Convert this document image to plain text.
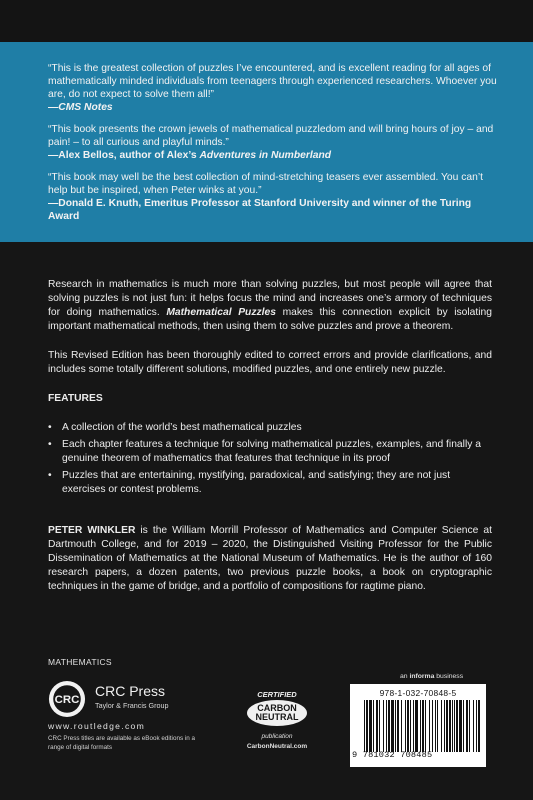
“This is the greatest collection of puzzles I’ve encountered, and is excellent reading for all ages of mathematically minded individuals from teenagers through experienced researchers. Whoever you are, do not expect to solve them all!”

—CMS Notes

“This book presents the crown jewels of mathematical puzzledom and will bring hours of joy – and pain! – to all curious and playful minds.”

—Alex Bellos, author of Alex’s Adventures in Numberland

“This book may well be the best collection of mind-stretching teasers ever assembled. You can’t help but be inspired, when Peter winks at you.”

—Donald E. Knuth, Emeritus Professor at Stanford University and winner of the Turing Award

Research in mathematics is much more than solving puzzles, but most people will agree that solving puzzles is not just fun: it helps focus the mind and increases one’s armory of techniques for doing mathematics. Mathematical Puzzles makes this connection explicit by isolating important mathematical methods, then using them to solve puzzles and prove a theorem.

This Revised Edition has been thoroughly edited to correct errors and provide clarifications, and includes some totally different solutions, modified puzzles, and one entirely new puzzle.

FEATURES

• A collection of the world’s best mathematical puzzles
• Each chapter features a technique for solving mathematical puzzles, examples, and finally a genuine theorem of mathematics that features that technique in its proof
• Puzzles that are entertaining, mystifying, paradoxical, and satisfying; they are not just exercises or contest problems.

PETER WINKLER is the William Morrill Professor of Mathematics and Computer Science at Dartmouth College, and for 2019 – 2020, the Distinguished Visiting Professor for the Public Dissemination of Mathematics at the National Museum of Mathematics. He is the author of 160 research papers, a dozen patents, two previous puzzle books, a book on cryptographic techniques in the game of bridge, and a portfolio of compositions for ragtime piano.

MATHEMATICS
CRC
CRC Press
Taylor & Francis Group
www.routledge.com
CRC Press titles are available as eBook editions in a range of digital formats
CERTIFIED
CARBON
NEUTRAL
publication
CarbonNeutral.com
an informa business
978-1-032-70848-5
9 781032 708485
